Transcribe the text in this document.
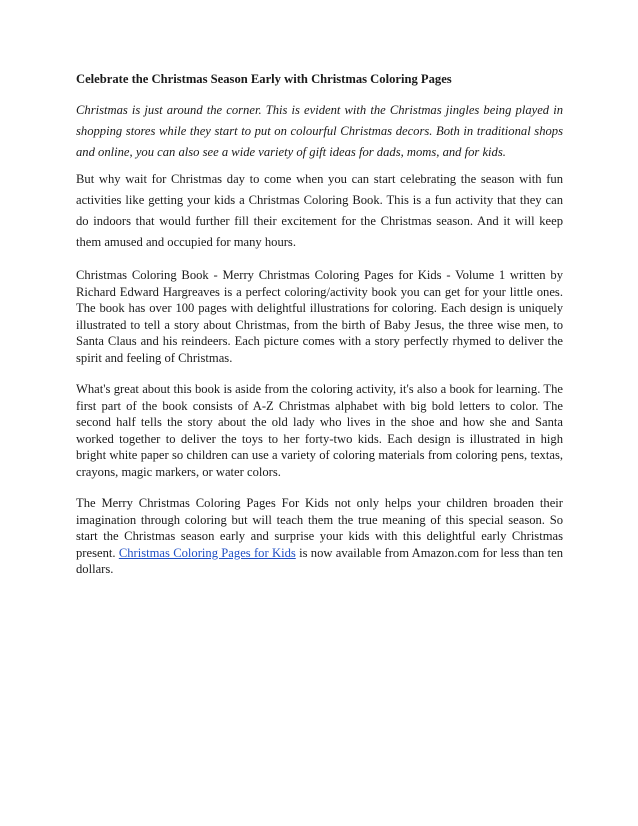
Celebrate the Christmas Season Early with Christmas Coloring Pages
Christmas is just around the corner. This is evident with the Christmas jingles being played in shopping stores while they start to put on colourful Christmas decors. Both in traditional shops and online, you can also see a wide variety of gift ideas for dads, moms, and for kids.
But why wait for Christmas day to come when you can start celebrating the season with fun activities like getting your kids a Christmas Coloring Book. This is a fun activity that they can do indoors that would further fill their excitement for the Christmas season. And it will keep them amused and occupied for many hours.
Christmas Coloring Book - Merry Christmas Coloring Pages for Kids - Volume 1 written by Richard Edward Hargreaves is a perfect coloring/activity book you can get for your little ones. The book has over 100 pages with delightful illustrations for coloring. Each design is uniquely illustrated to tell a story about Christmas, from the birth of Baby Jesus, the three wise men, to Santa Claus and his reindeers. Each picture comes with a story perfectly rhymed to deliver the spirit and feeling of Christmas.
What's great about this book is aside from the coloring activity, it's also a book for learning. The first part of the book consists of A-Z Christmas alphabet with big bold letters to color. The second half tells the story about the old lady who lives in the shoe and how she and Santa worked together to deliver the toys to her forty-two kids. Each design is illustrated in high bright white paper so children can use a variety of coloring materials from coloring pens, textas, crayons, magic markers, or water colors.
The Merry Christmas Coloring Pages For Kids not only helps your children broaden their imagination through coloring but will teach them the true meaning of this special season. So start the Christmas season early and surprise your kids with this delightful early Christmas present. Christmas Coloring Pages for Kids is now available from Amazon.com for less than ten dollars.
